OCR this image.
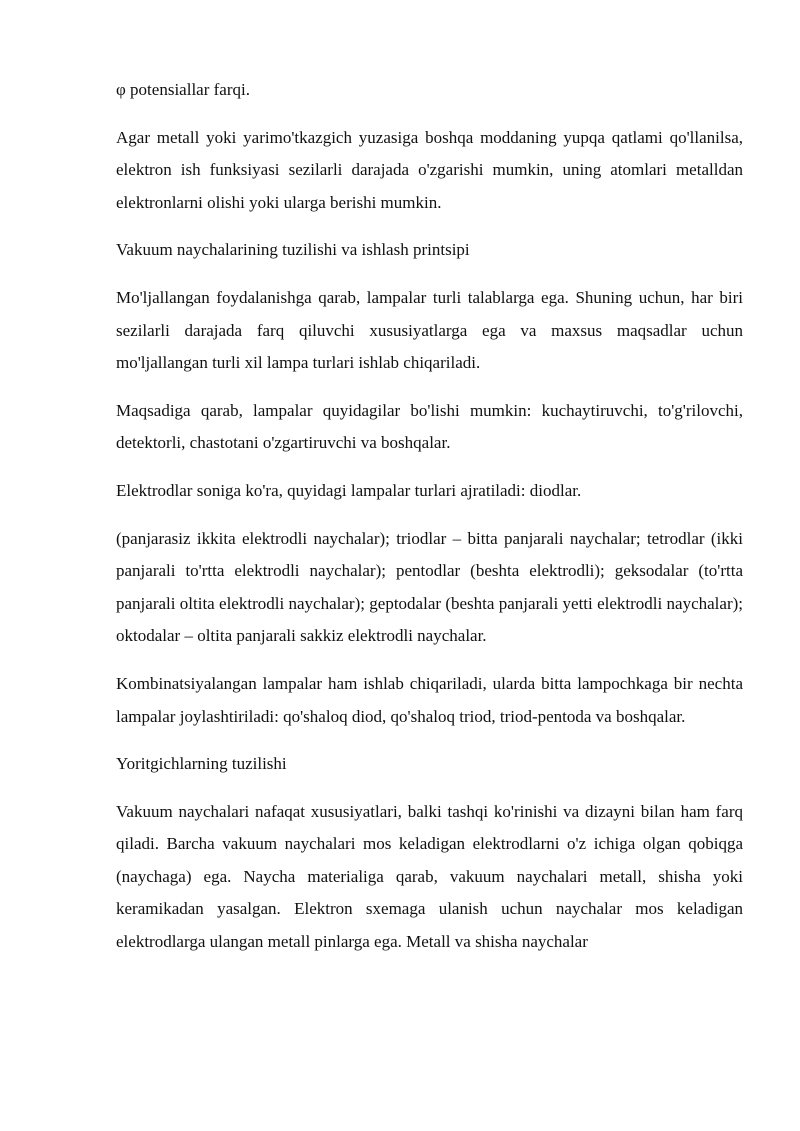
φ potensiallar farqi.

Agar metall yoki yarimo'tkazgich yuzasiga boshqa moddaning yupqa qatlami qo'llanilsa, elektron ish funksiyasi sezilarli darajada o'zgarishi mumkin, uning atomlari metalldan elektronlarni olishi yoki ularga berishi mumkin.

Vakuum naychalarining tuzilishi va ishlash printsipi

Mo'ljallangan foydalanishga qarab, lampalar turli talablarga ega. Shuning uchun, har biri sezilarli darajada farq qiluvchi xususiyatlarga ega va maxsus maqsadlar uchun mo'ljallangan turli xil lampa turlari ishlab chiqariladi.

Maqsadiga qarab, lampalar quyidagilar bo'lishi mumkin: kuchaytiruvchi, to'g'rilovchi, detektorli, chastotani o'zgartiruvchi va boshqalar.

Elektrodlar soniga ko'ra, quyidagi lampalar turlari ajratiladi: diodlar.

(panjarasiz ikkita elektrodli naychalar); triodlar – bitta panjarali naychalar; tetrodlar (ikki panjarali to'rtta elektrodli naychalar); pentodlar (beshta elektrodli); geksodalar (to'rtta panjarali oltita elektrodli naychalar); geptodalar (beshta panjarali yetti elektrodli naychalar); oktodalar – oltita panjarali sakkiz elektrodli naychalar.

Kombinatsiyalangan lampalar ham ishlab chiqariladi, ularda bitta lampochkaga bir nechta lampalar joylashtiriladi: qo'shaloq diod, qo'shaloq triod, triod-pentoda va boshqalar.

Yoritgichlarning tuzilishi

Vakuum naychalari nafaqat xususiyatlari, balki tashqi ko'rinishi va dizayni bilan ham farq qiladi. Barcha vakuum naychalari mos keladigan elektrodlarni o'z ichiga olgan qobiqga (naychaga) ega. Naycha materialiga qarab, vakuum naychalari metall, shisha yoki keramikadan yasalgan. Elektron sxemaga ulanish uchun naychalar mos keladigan elektrodlarga ulangan metall pinlarga ega. Metall va shisha naychalar
